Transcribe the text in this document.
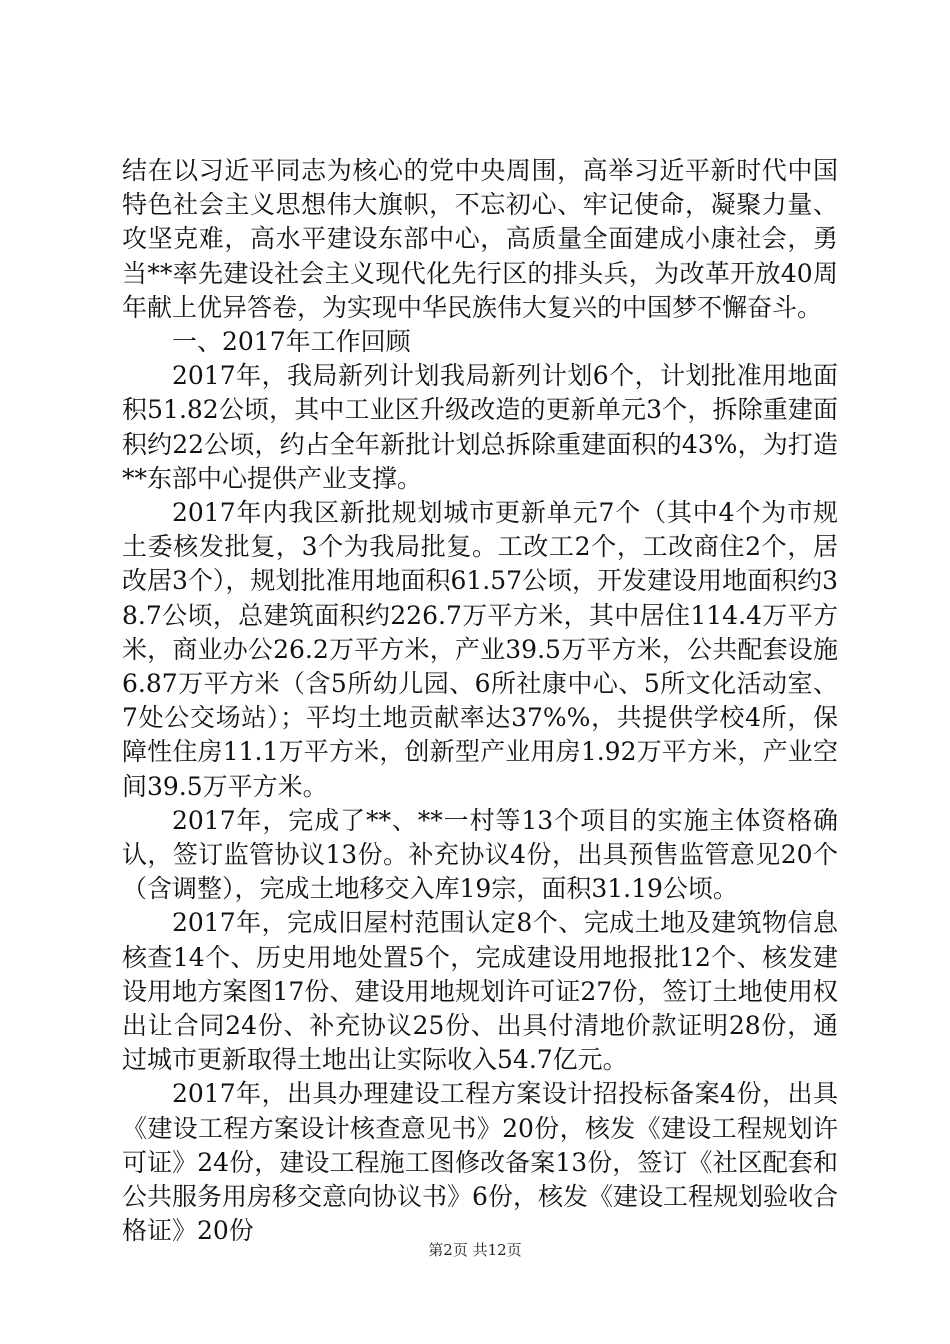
结在以习近平同志为核心的党中央周围，高举习近平新时代中国特色社会主义思想伟大旗帜，不忘初心、牢记使命，凝聚力量、攻坚克难，高水平建设东部中心，高质量全面建成小康社会，勇当**率先建设社会主义现代化先行区的排头兵，为改革开放40周年献上优异答卷，为实现中华民族伟大复兴的中国梦不懈奋斗。

一、2017年工作回顾

2017年，我局新列计划我局新列计划6个，计划批准用地面积51.82公顷，其中工业区升级改造的更新单元3个，拆除重建面积约22公顷，约占全年新批计划总拆除重建面积的43%，为打造**东部中心提供产业支撑。

2017年内我区新批规划城市更新单元7个（其中4个为市规土委核发批复，3个为我局批复。工改工2个，工改商住2个，居改居3个），规划批准用地面积61.57公顷，开发建设用地面积约38.7公顷，总建筑面积约226.7万平方米，其中居住114.4万平方米，商业办公26.2万平方米，产业39.5万平方米，公共配套设施6.87万平方米（含5所幼儿园、6所社康中心、5所文化活动室、7处公交场站）；平均土地贡献率达37%%，共提供学校4所，保障性住房11.1万平方米，创新型产业用房1.92万平方米，产业空间39.5万平方米。

2017年，完成了**、**一村等13个项目的实施主体资格确认，签订监管协议13份。补充协议4份，出具预售监管意见20个（含调整），完成土地移交入库19宗，面积31.19公顷。

2017年，完成旧屋村范围认定8个、完成土地及建筑物信息核查14个、历史用地处置5个，完成建设用地报批12个、核发建设用地方案图17份、建设用地规划许可证27份，签订土地使用权出让合同24份、补充协议25份、出具付清地价款证明28份，通过城市更新取得土地出让实际收入54.7亿元。

2017年，出具办理建设工程方案设计招投标备案4份，出具《建设工程方案设计核查意见书》20份，核发《建设工程规划许可证》24份，建设工程施工图修改备案13份，签订《社区配套和公共服务用房移交意向协议书》6份，核发《建设工程规划验收合格证》20份

第2页 共12页
